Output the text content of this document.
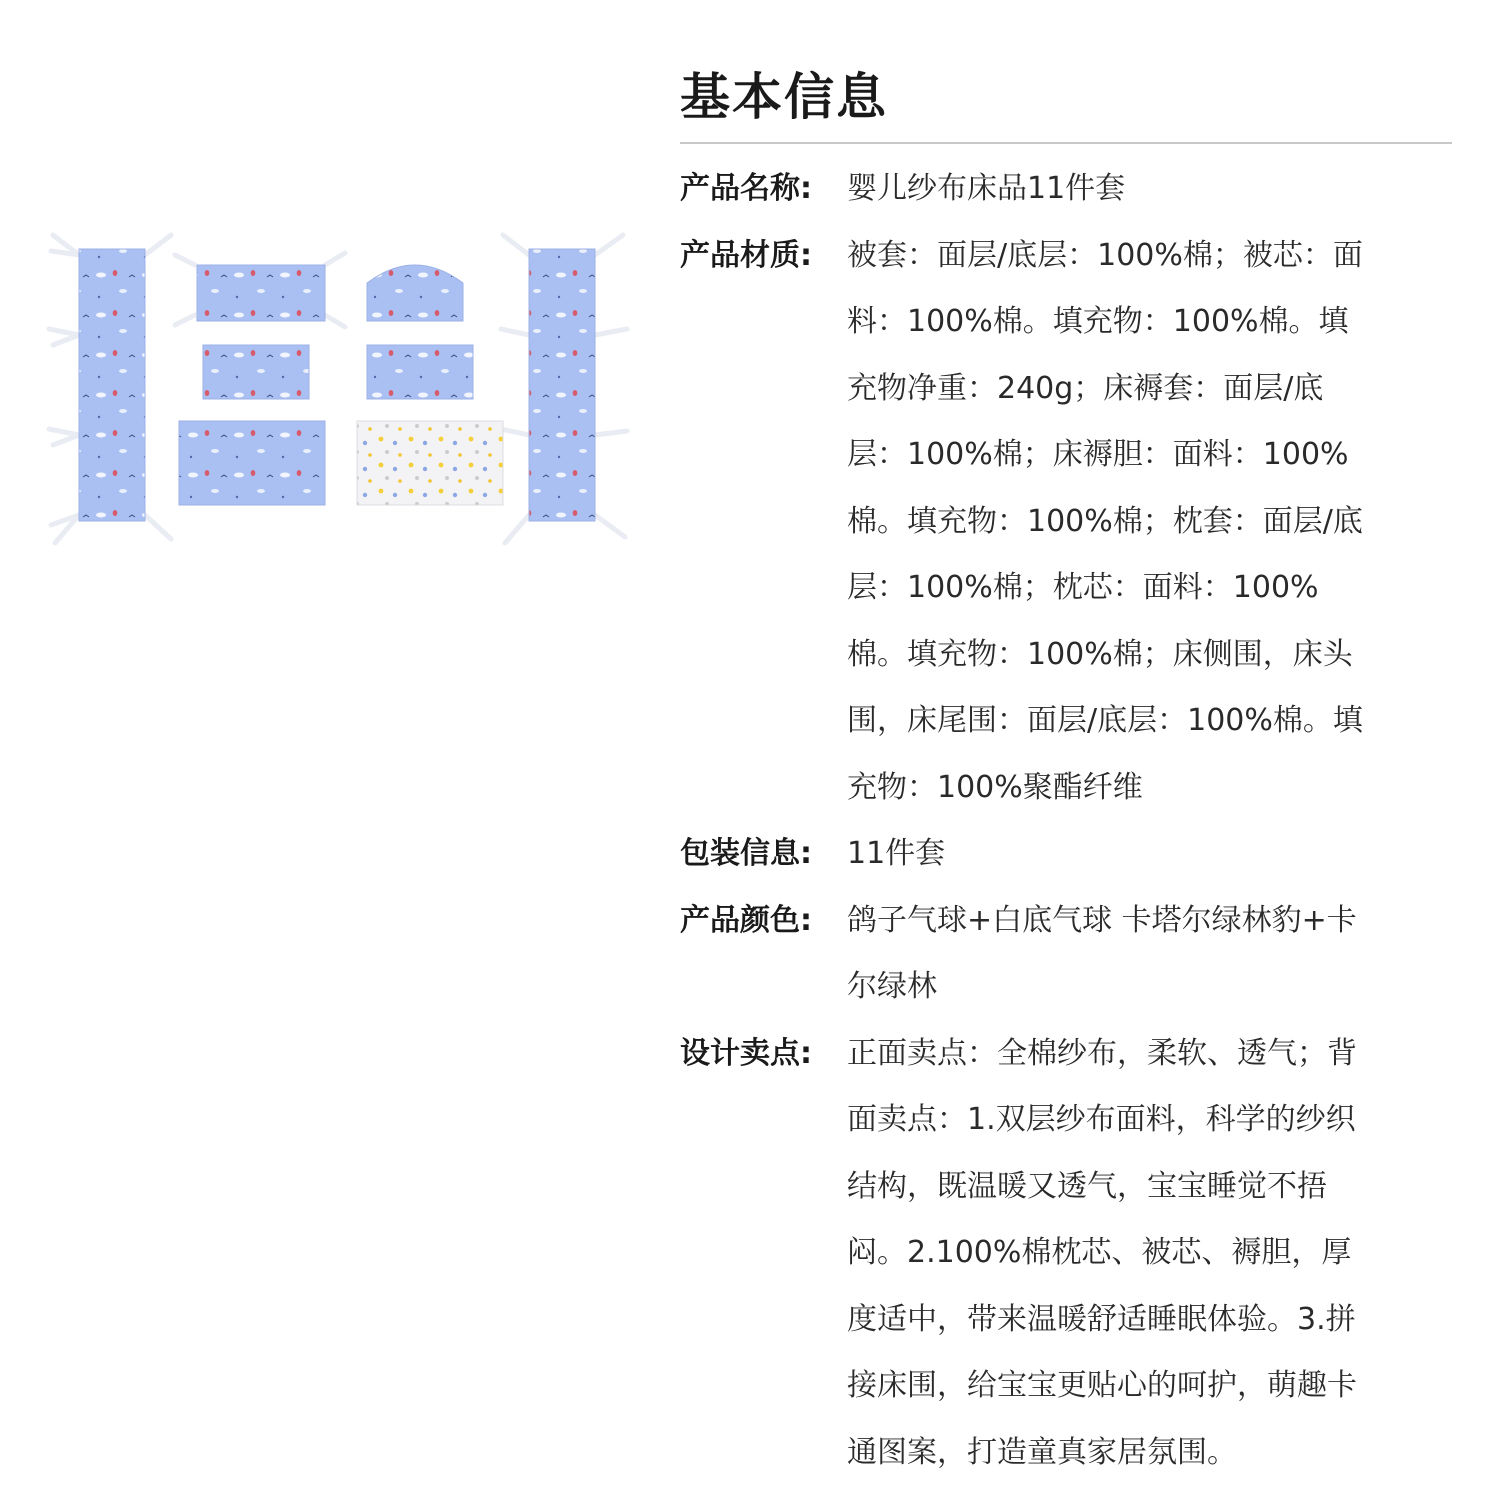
基本信息
产品名称:	婴儿纱布床品11件套
产品材质:	被套：面层/底层：100%棉；被芯：面
料：100%棉。填充物：100%棉。填
充物净重：240g；床褥套：面层/底
层：100%棉；床褥胆：面料：100%
棉。填充物：100%棉；枕套：面层/底
层：100%棉；枕芯：面料：100%
棉。填充物：100%棉；床侧围，床头
围，床尾围：面层/底层：100%棉。填
充物：100%聚酯纤维
包装信息:	11件套
产品颜色:	鸽子气球+白底气球 卡塔尔绿林豹+卡
尔绿林
设计卖点:	正面卖点：全棉纱布，柔软、透气；背
面卖点：1.双层纱布面料，科学的纱织
结构，既温暖又透气，宝宝睡觉不捂
闷。2.100%棉枕芯、被芯、褥胆，厚
度适中，带来温暖舒适睡眠体验。3.拼
接床围，给宝宝更贴心的呵护，萌趣卡
通图案，打造童真家居氛围。
